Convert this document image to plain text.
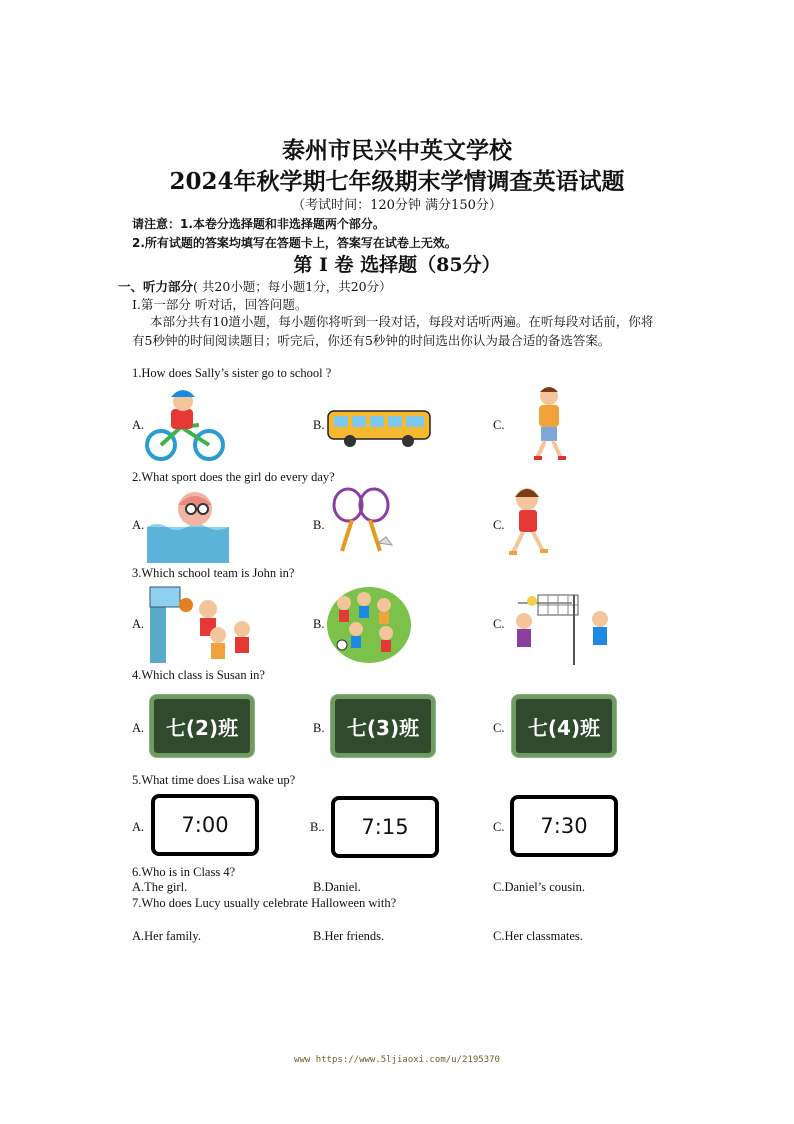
泰州市民兴中英文学校
2024年秋学期七年级期末学情调查英语试题
（考试时间：120分钟 满分150分）
请注意：1.本卷分选择题和非选择题两个部分。
2.所有试题的答案均填写在答题卡上，答案写在试卷上无效。
第 I 卷 选择题（85分）
一、听力部分( 共20小题；每小题1分，共20分）
Ⅰ.第一部分 听对话，回答问题。
本部分共有10道小题，每小题你将听到一段对话，每段对话听两遍。在听每段对话前，你将有5秒钟的时间阅读题目；听完后，你还有5秒钟的时间选出你认为最合适的备选答案。
1.How does Sally’s sister go to school ?
A.	B.	C.
2.What sport does the girl do every day?
A.	B.	C.
3.Which school team is John in?
A.	B.	C.
4.Which class is Susan in?
A.	B.	C.
七(2)班	七(3)班	七(4)班
5.What time does Lisa wake up?
A.	B..	C.
7:00	7:15	7:30
6.Who is in Class 4?
A.The girl.	B.Daniel.	C.Daniel’s cousin.
7.Who does Lucy usually celebrate Halloween with?
A.Her family.	B.Her friends.	C.Her classmates.
www https://www.5ljiaoxi.com/u/2195370
